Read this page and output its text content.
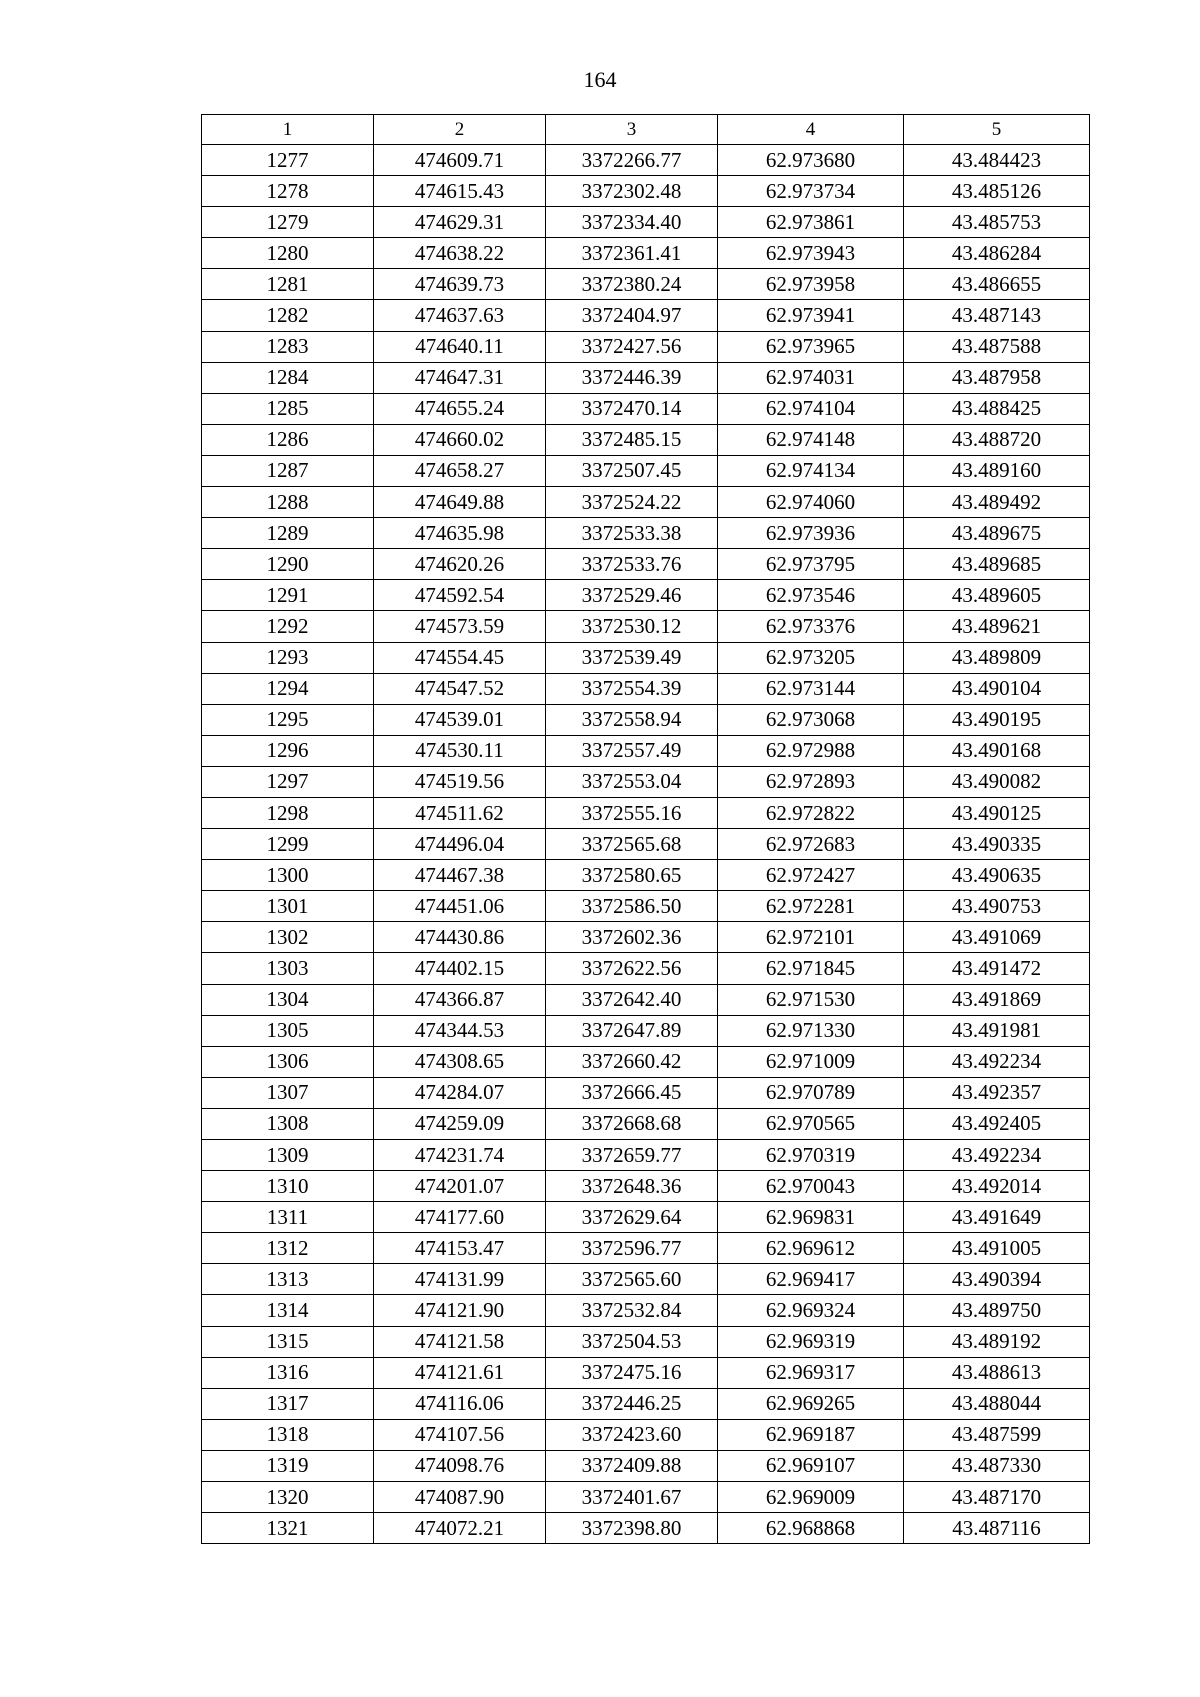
164
1	2	3	4	5
1277	474609.71	3372266.77	62.973680	43.484423
1278	474615.43	3372302.48	62.973734	43.485126
1279	474629.31	3372334.40	62.973861	43.485753
1280	474638.22	3372361.41	62.973943	43.486284
1281	474639.73	3372380.24	62.973958	43.486655
1282	474637.63	3372404.97	62.973941	43.487143
1283	474640.11	3372427.56	62.973965	43.487588
1284	474647.31	3372446.39	62.974031	43.487958
1285	474655.24	3372470.14	62.974104	43.488425
1286	474660.02	3372485.15	62.974148	43.488720
1287	474658.27	3372507.45	62.974134	43.489160
1288	474649.88	3372524.22	62.974060	43.489492
1289	474635.98	3372533.38	62.973936	43.489675
1290	474620.26	3372533.76	62.973795	43.489685
1291	474592.54	3372529.46	62.973546	43.489605
1292	474573.59	3372530.12	62.973376	43.489621
1293	474554.45	3372539.49	62.973205	43.489809
1294	474547.52	3372554.39	62.973144	43.490104
1295	474539.01	3372558.94	62.973068	43.490195
1296	474530.11	3372557.49	62.972988	43.490168
1297	474519.56	3372553.04	62.972893	43.490082
1298	474511.62	3372555.16	62.972822	43.490125
1299	474496.04	3372565.68	62.972683	43.490335
1300	474467.38	3372580.65	62.972427	43.490635
1301	474451.06	3372586.50	62.972281	43.490753
1302	474430.86	3372602.36	62.972101	43.491069
1303	474402.15	3372622.56	62.971845	43.491472
1304	474366.87	3372642.40	62.971530	43.491869
1305	474344.53	3372647.89	62.971330	43.491981
1306	474308.65	3372660.42	62.971009	43.492234
1307	474284.07	3372666.45	62.970789	43.492357
1308	474259.09	3372668.68	62.970565	43.492405
1309	474231.74	3372659.77	62.970319	43.492234
1310	474201.07	3372648.36	62.970043	43.492014
1311	474177.60	3372629.64	62.969831	43.491649
1312	474153.47	3372596.77	62.969612	43.491005
1313	474131.99	3372565.60	62.969417	43.490394
1314	474121.90	3372532.84	62.969324	43.489750
1315	474121.58	3372504.53	62.969319	43.489192
1316	474121.61	3372475.16	62.969317	43.488613
1317	474116.06	3372446.25	62.969265	43.488044
1318	474107.56	3372423.60	62.969187	43.487599
1319	474098.76	3372409.88	62.969107	43.487330
1320	474087.90	3372401.67	62.969009	43.487170
1321	474072.21	3372398.80	62.968868	43.487116
